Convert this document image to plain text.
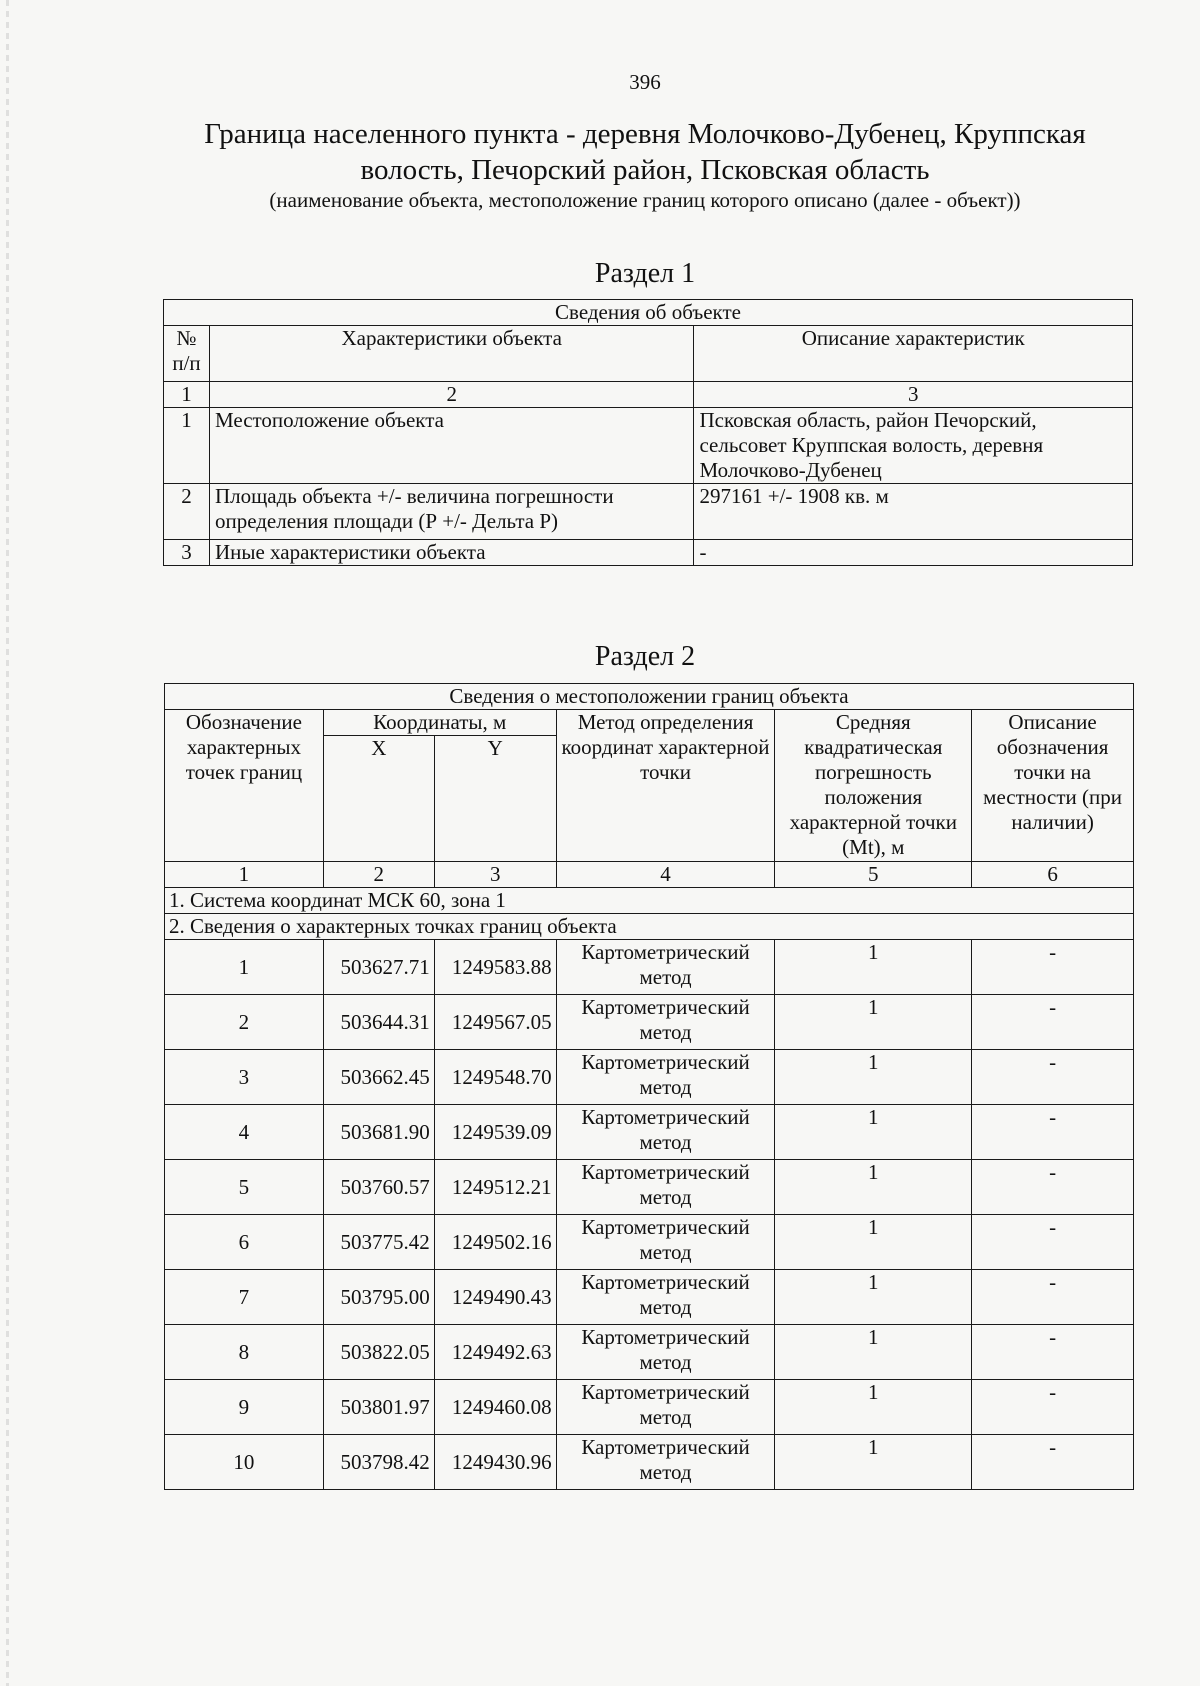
396
Граница населенного пункта - деревня Молочково-Дубенец, Круппская волость, Печорский район, Псковская область
(наименование объекта, местоположение границ которого описано (далее - объект))
Раздел 1
Сведения об объекте		
№ п/п	Характеристики объекта	Описание характеристик
1	2	3
1	Местоположение объекта	Псковская область, район Печорский, сельсовет Круппская волость, деревня Молочково-Дубенец
2	Площадь объекта +/- величина погрешности определения площади (Р +/- Дельта Р)	297161 +/- 1908 кв. м
3	Иные характеристики объекта	-
Раздел 2
Сведения о местоположении границ объекта					
Обозначение характерных точек границ	Координаты, м		Метод определения координат характерной точки	Средняя квадратическая погрешность положения характерной точки (Mt), м	Описание обозначения точки на местности (при наличии)
	X	Y			
1	2	3	4	5	6
1. Система координат МСК 60, зона 1					
2. Сведения о характерных точках границ объекта					
1	503627.71	1249583.88	Картометрический метод	1	-
2	503644.31	1249567.05	Картометрический метод	1	-
3	503662.45	1249548.70	Картометрический метод	1	-
4	503681.90	1249539.09	Картометрический метод	1	-
5	503760.57	1249512.21	Картометрический метод	1	-
6	503775.42	1249502.16	Картометрический метод	1	-
7	503795.00	1249490.43	Картометрический метод	1	-
8	503822.05	1249492.63	Картометрический метод	1	-
9	503801.97	1249460.08	Картометрический метод	1	-
10	503798.42	1249430.96	Картометрический метод	1	-
